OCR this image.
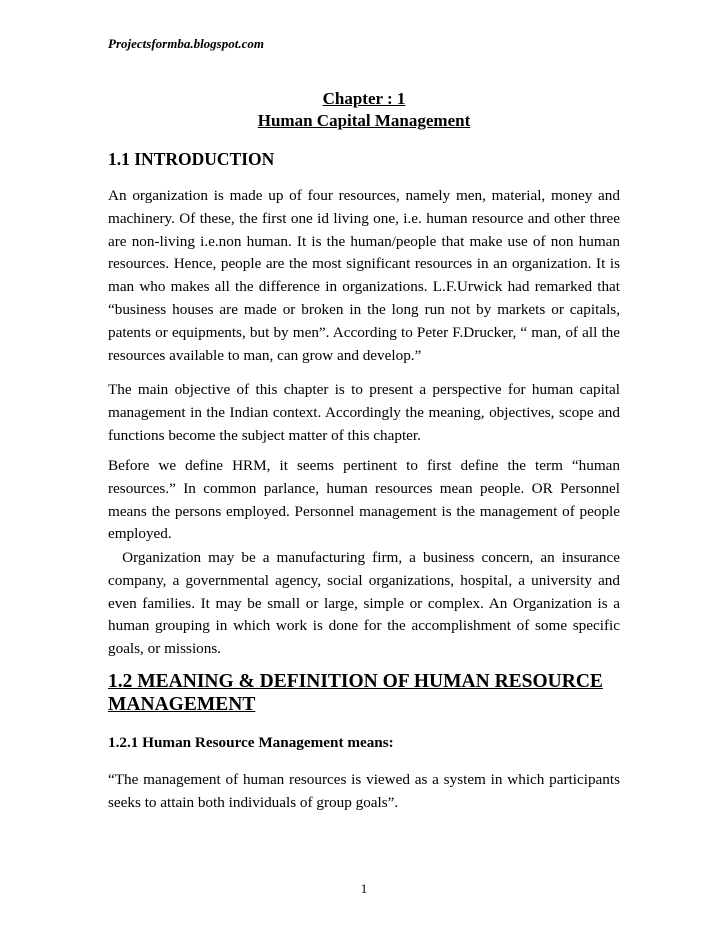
Projectsformba.blogspot.com

Chapter : 1

Human Capital Management

1.1 INTRODUCTION

An organization is made up of four resources, namely men, material, money and machinery. Of these, the first one id living one, i.e. human resource and other three are non-living i.e.non human. It is the human/people that make use of non human resources. Hence, people are the most significant resources in an organization. It is man who makes all the difference in organizations. L.F.Urwick had remarked that “business houses are made or broken in the long run not by markets or capitals, patents or equipments, but by men”. According to Peter F.Drucker, “ man, of all the resources available to man, can grow and develop.”

The main objective of this chapter is to present a perspective for human capital management in the Indian context. Accordingly the meaning, objectives, scope and functions become the subject matter of this chapter.

Before we define HRM, it seems pertinent to first define the term “human resources.” In common parlance, human resources mean people. OR Personnel means the persons employed. Personnel management is the management of people employed.

Organization may be a manufacturing firm, a business concern, an insurance company, a governmental agency, social organizations, hospital, a university and even families. It may be small or large, simple or complex. An Organization is a human grouping in which work is done for the accomplishment of some specific goals, or missions.

1.2 MEANING & DEFINITION OF HUMAN RESOURCE MANAGEMENT
1.2.1 Human Resource Management means:

“The management of human resources is viewed as a system in which participants seeks to attain both individuals of group goals”.

1
